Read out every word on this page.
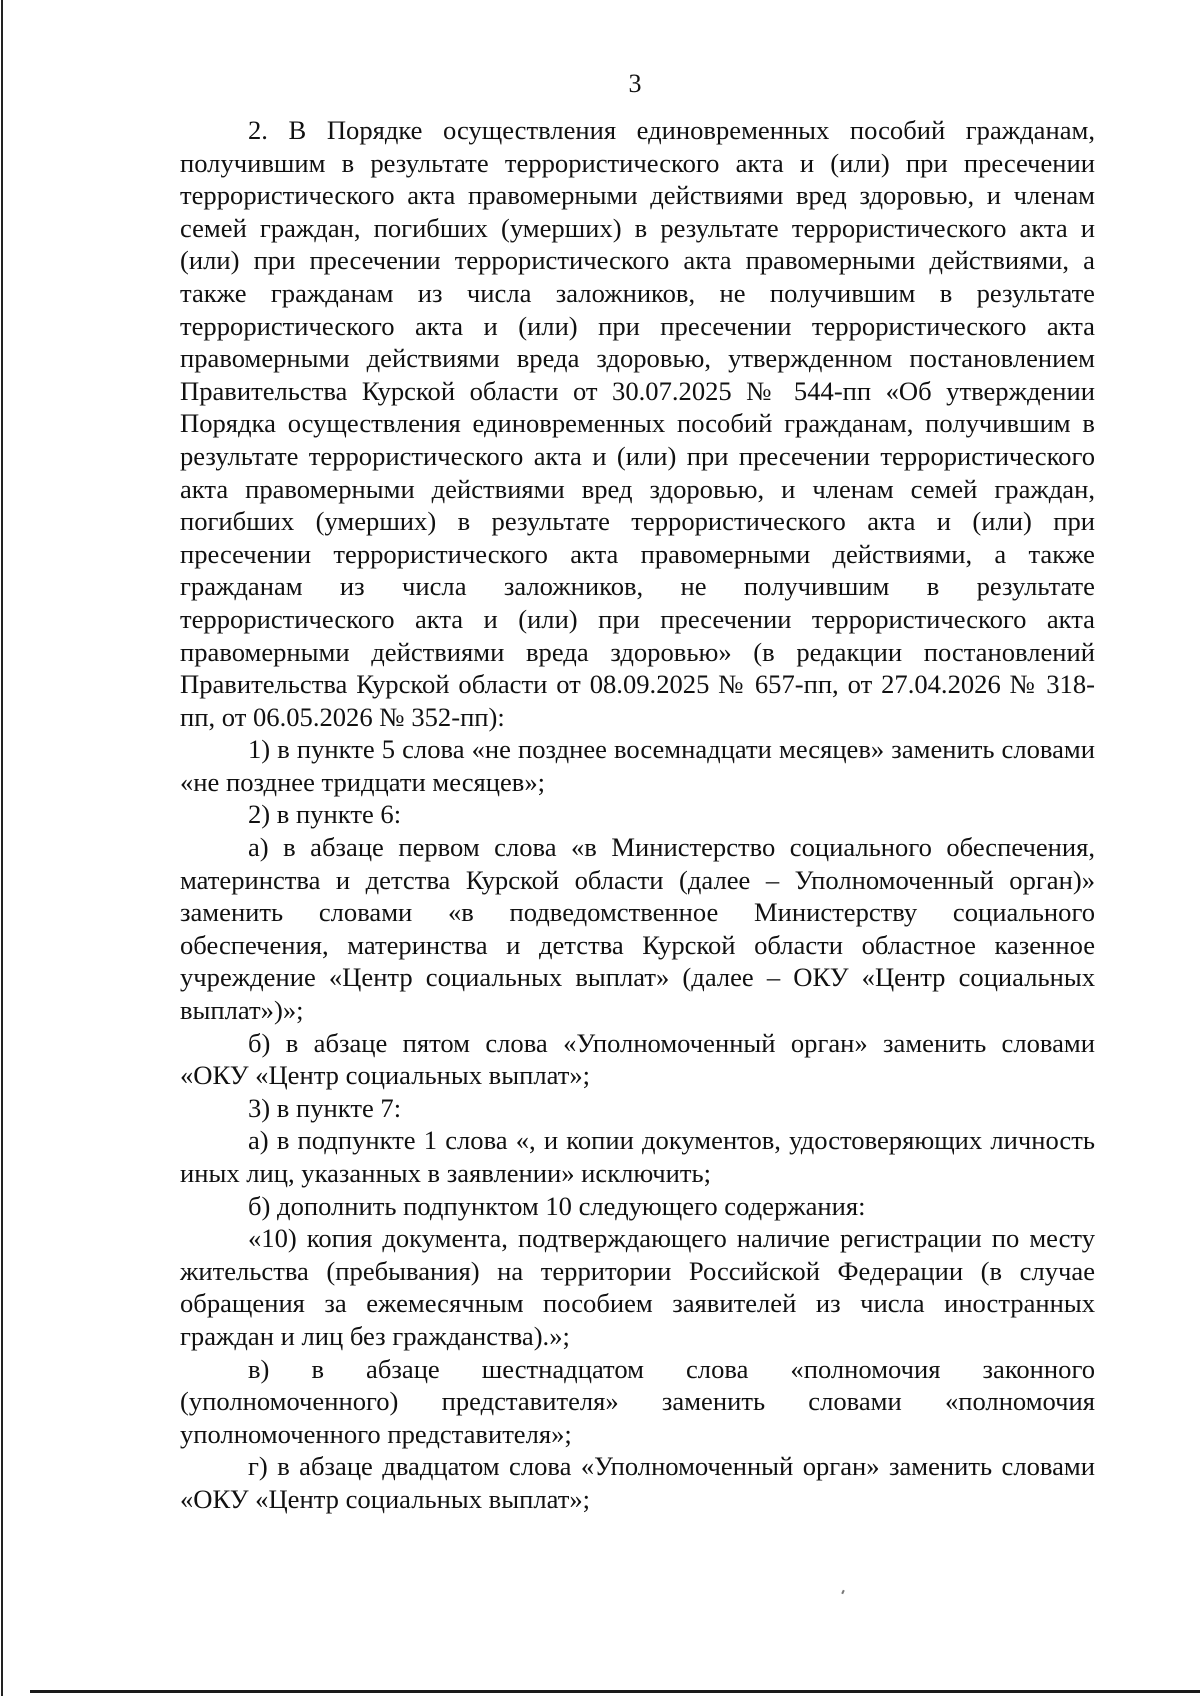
3

2. В Порядке осуществления единовременных пособий гражданам, получившим в результате террористического акта и (или) при пресечении террористического акта правомерными действиями вред здоровью, и членам семей граждан, погибших (умерших) в результате террористического акта и (или) при пресечении террористического акта правомерными действиями, а также гражданам из числа заложников, не получившим в результате террористического акта и (или) при пресечении террористического акта правомерными действиями вреда здоровью, утвержденном постановлением Правительства Курской области от 30.07.2025 № 544-пп «Об утверждении Порядка осуществления единовременных пособий гражданам, получившим в результате террористического акта и (или) при пресечении террористического акта правомерными действиями вред здоровью, и членам семей граждан, погибших (умерших) в результате террористического акта и (или) при пресечении террористического акта правомерными действиями, а также гражданам из числа заложников, не получившим в результате террористического акта и (или) при пресечении террористического акта правомерными действиями вреда здоровью» (в редакции постановлений Правительства Курской области от 08.09.2025 № 657-пп, от 27.04.2026 № 318-пп, от 06.05.2026 № 352-пп):

1) в пункте 5 слова «не позднее восемнадцати месяцев» заменить словами «не позднее тридцати месяцев»;

2) в пункте 6:

а) в абзаце первом слова «в Министерство социального обеспечения, материнства и детства Курской области (далее – Уполномоченный орган)» заменить словами «в подведомственное Министерству социального обеспечения, материнства и детства Курской области областное казенное учреждение «Центр социальных выплат» (далее – ОКУ «Центр социальных выплат»)»;

б) в абзаце пятом слова «Уполномоченный орган» заменить словами «ОКУ «Центр социальных выплат»;

3) в пункте 7:

а) в подпункте 1 слова «, и копии документов, удостоверяющих личность иных лиц, указанных в заявлении» исключить;

б) дополнить подпунктом 10 следующего содержания:

«10) копия документа, подтверждающего наличие регистрации по месту жительства (пребывания) на территории Российской Федерации (в случае обращения за ежемесячным пособием заявителей из числа иностранных граждан и лиц без гражданства).»;

в) в абзаце шестнадцатом слова «полномочия законного (уполномоченного) представителя» заменить словами «полномочия уполномоченного представителя»;

г) в абзаце двадцатом слова «Уполномоченный орган» заменить словами «ОКУ «Центр социальных выплат»;
